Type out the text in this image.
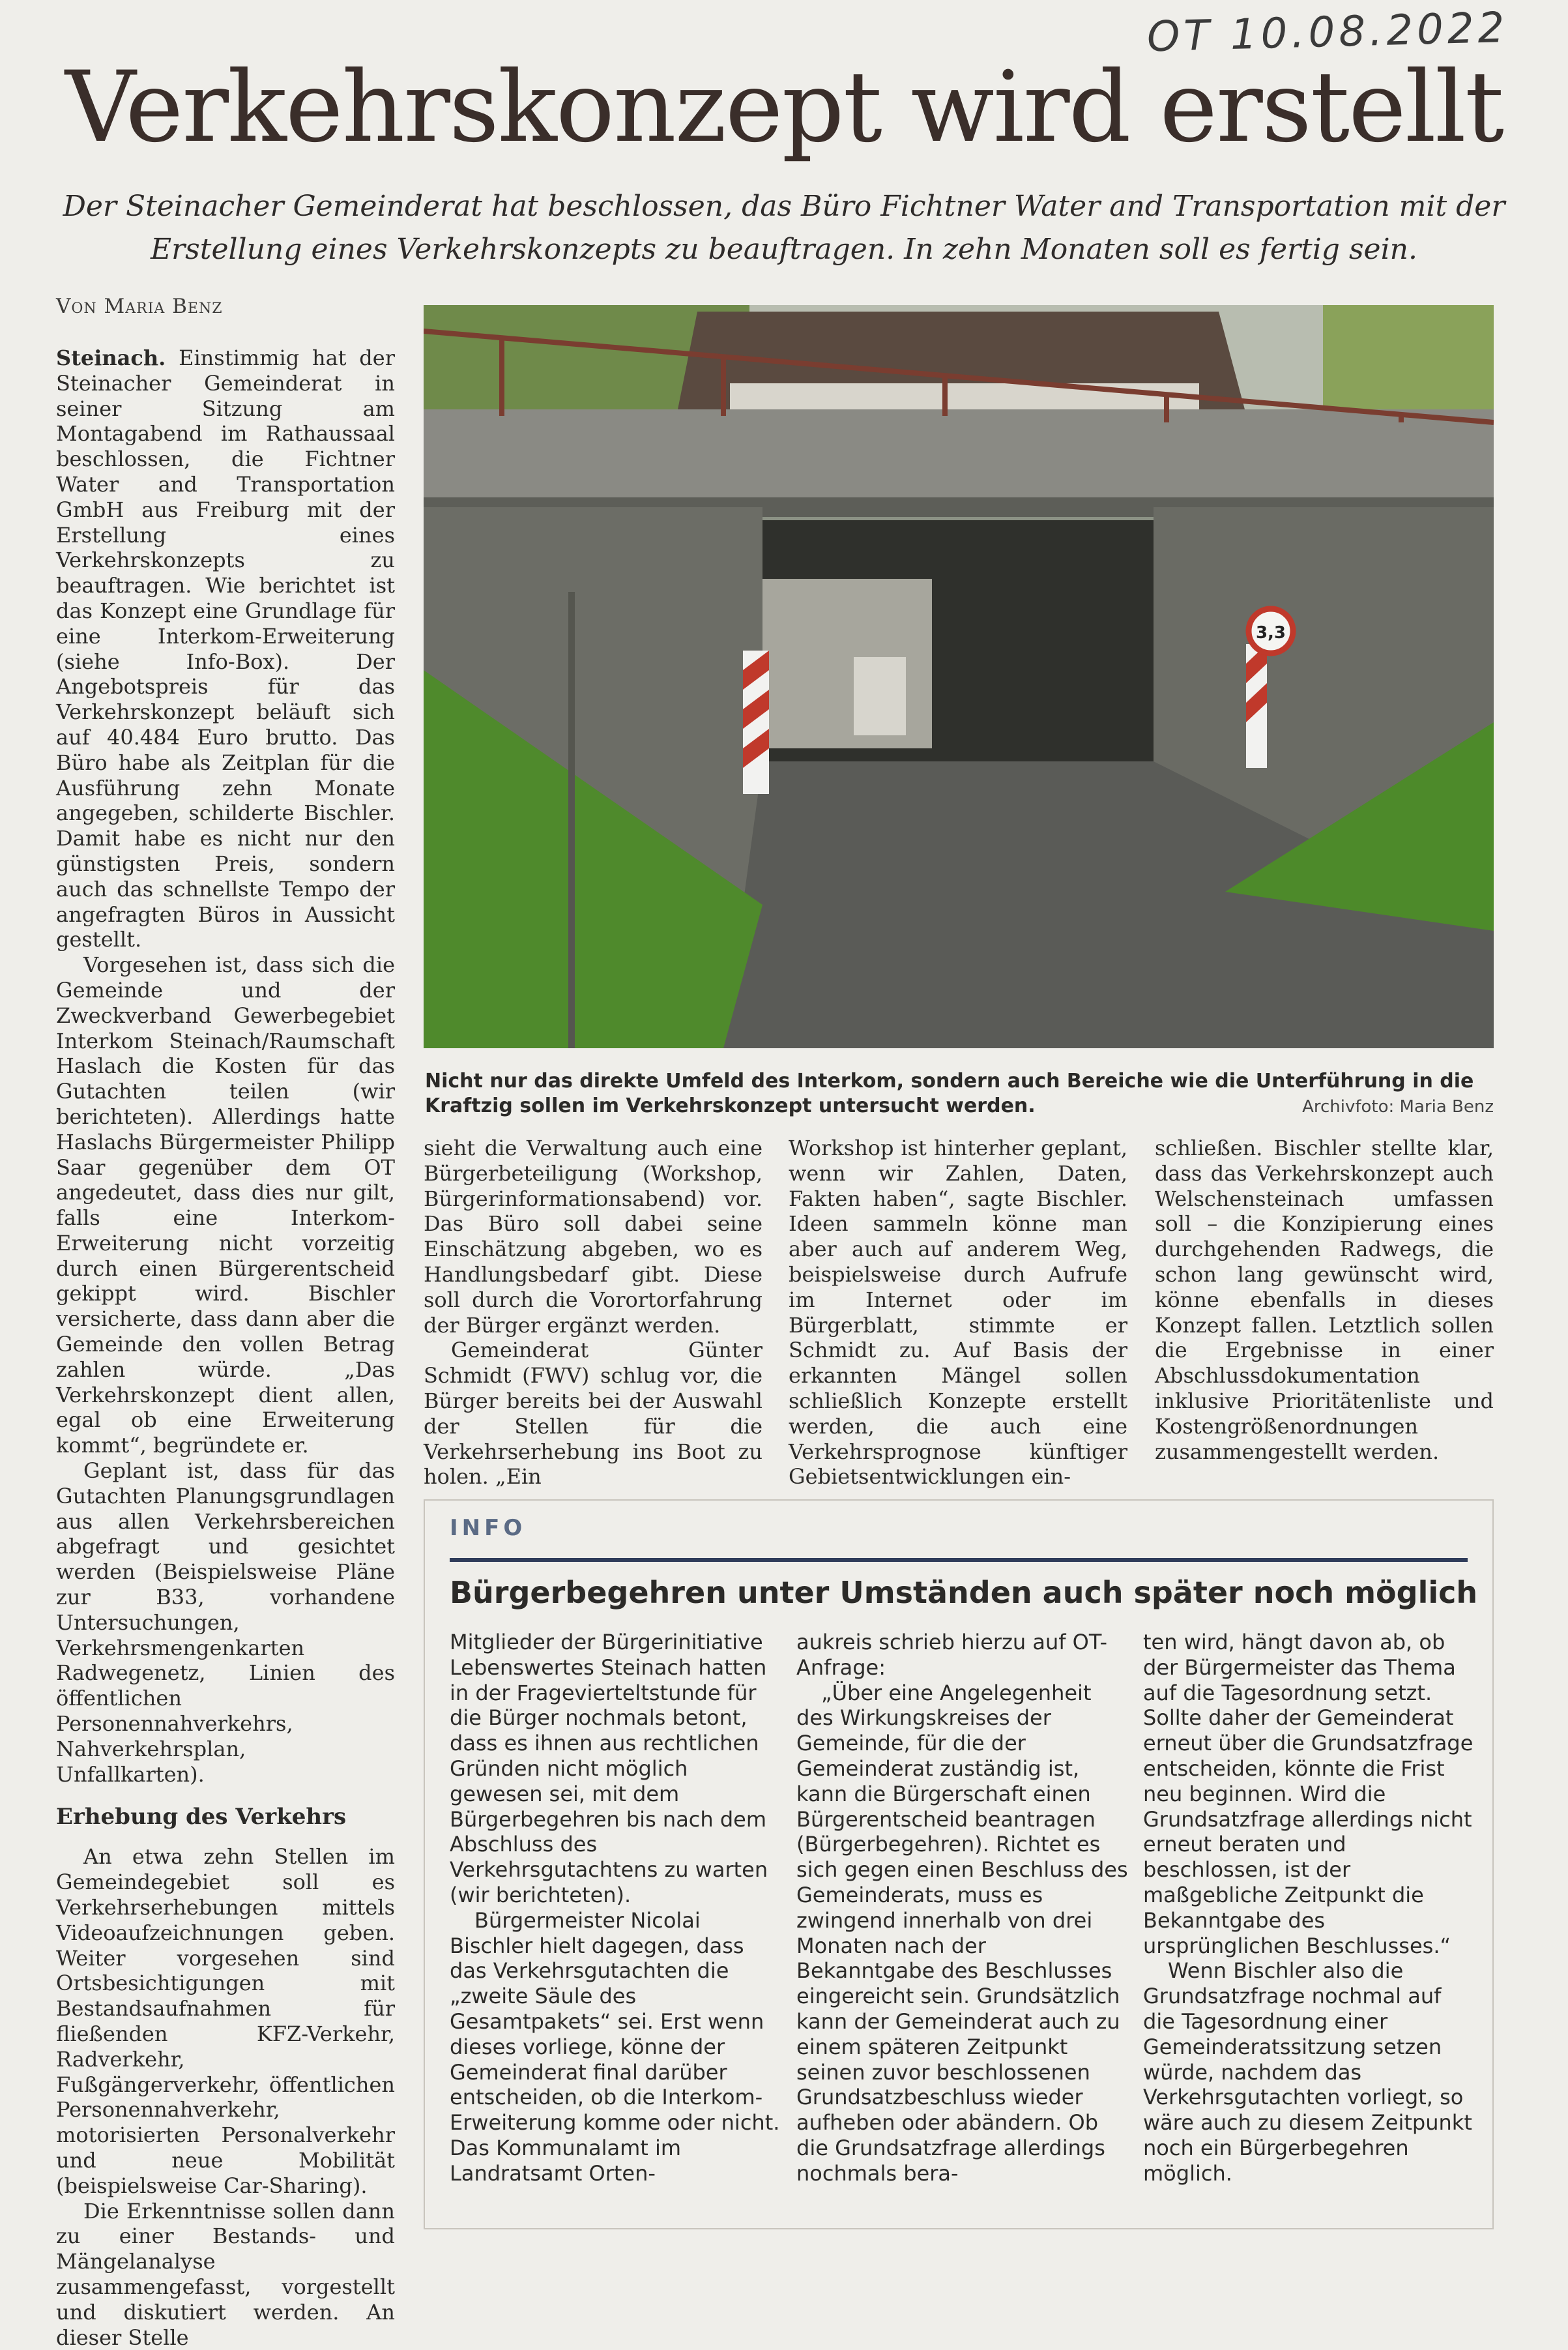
OT 10.08.2022
Verkehrskonzept wird erstellt
Der Steinacher Gemeinderat hat beschlossen, das Büro Fichtner Water and Transportation mit der
Erstellung eines Verkehrskonzepts zu beauftragen. In zehn Monaten soll es fertig sein.
Von Maria Benz

Steinach. Einstimmig hat der Steinacher Gemeinderat in seiner Sitzung am Montagabend im Rathaussaal beschlossen, die Fichtner Water and Transportation GmbH aus Freiburg mit der Erstellung eines Verkehrskonzepts zu beauftragen. Wie berichtet ist das Konzept eine Grundlage für eine Interkom-Erweiterung (siehe Info-Box). Der Angebotspreis für das Verkehrskonzept beläuft sich auf 40.484 Euro brutto. Das Büro habe als Zeitplan für die Ausführung zehn Monate angegeben, schilderte Bischler. Damit habe es nicht nur den günstigsten Preis, sondern auch das schnellste Tempo der angefragten Büros in Aussicht gestellt.

Vorgesehen ist, dass sich die Gemeinde und der Zweckverband Gewerbegebiet Interkom Steinach/Raumschaft Haslach die Kosten für das Gutachten teilen (wir berichteten). Allerdings hatte Haslachs Bürgermeister Philipp Saar gegenüber dem OT angedeutet, dass dies nur gilt, falls eine Interkom-Erweiterung nicht vorzeitig durch einen Bürgerentscheid gekippt wird. Bischler versicherte, dass dann aber die Gemeinde den vollen Betrag zahlen würde. „Das Verkehrskonzept dient allen, egal ob eine Erweiterung kommt“, begründete er.

Geplant ist, dass für das Gutachten Planungsgrundlagen aus allen Verkehrsbereichen abgefragt und gesichtet werden (Beispielsweise Pläne zur B33, vorhandene Untersuchungen, Verkehrsmengenkarten Radwegenetz, Linien des öffentlichen Personennahverkehrs, Nahverkehrsplan, Unfallkarten).

Erhebung des Verkehrs

An etwa zehn Stellen im Gemeindegebiet soll es Verkehrserhebungen mittels Videoaufzeichnungen geben. Weiter vorgesehen sind Ortsbesichtigungen mit Bestandsaufnahmen für fließenden KFZ-Verkehr, Radverkehr, Fußgängerverkehr, öffentlichen Personennahverkehr, motorisierten Personalverkehr und neue Mobilität (beispielsweise Car-Sharing).

Die Erkenntnisse sollen dann zu einer Bestands- und Mängelanalyse zusammengefasst, vorgestellt und diskutiert werden. An dieser Stelle

3,3
Nicht nur das direkte Umfeld des Interkom, sondern auch Bereiche wie die Unterführung in die Kraftzig sollen im Verkehrskonzept untersucht werden.	Archivfoto: Maria Benz

sieht die Verwaltung auch eine Bürgerbeteiligung (Workshop, Bürgerinformationsabend) vor. Das Büro soll dabei seine Einschätzung abgeben, wo es Handlungsbedarf gibt. Diese soll durch die Vorortorfahrung der Bürger ergänzt werden.

Gemeinderat Günter Schmidt (FWV) schlug vor, die Bürger bereits bei der Auswahl der Stellen für die Verkehrserhebung ins Boot zu holen. „Ein

Workshop ist hinterher geplant, wenn wir Zahlen, Daten, Fakten haben“, sagte Bischler. Ideen sammeln könne man aber auch auf anderem Weg, beispielsweise durch Aufrufe im Internet oder im Bürgerblatt, stimmte er Schmidt zu. Auf Basis der erkannten Mängel sollen schließlich Konzepte erstellt werden, die auch eine Verkehrsprognose künftiger Gebietsentwicklungen ein-

schließen. Bischler stellte klar, dass das Verkehrskonzept auch Welschensteinach umfassen soll – die Konzipierung eines durchgehenden Radwegs, die schon lang gewünscht wird, könne ebenfalls in dieses Konzept fallen. Letztlich sollen die Ergebnisse in einer Abschlussdokumentation inklusive Prioritätenliste und Kostengrößenordnungen zusammengestellt werden.

INFO
Bürgerbegehren unter Umständen auch später noch möglich

Mitglieder der Bürgerinitiative Lebenswertes Steinach hatten in der Fragevierteltstunde für die Bürger nochmals betont, dass es ihnen aus rechtlichen Gründen nicht möglich gewesen sei, mit dem Bürgerbegehren bis nach dem Abschluss des Verkehrsgutachtens zu warten (wir berichteten).

Bürgermeister Nicolai Bischler hielt dagegen, dass das Verkehrsgutachten die „zweite Säule des Gesamtpakets“ sei. Erst wenn dieses vorliege, könne der Gemeinderat final darüber entscheiden, ob die Interkom-Erweiterung komme oder nicht. Das Kommunalamt im Landratsamt Orten-

aukreis schrieb hierzu auf OT-Anfrage:

„Über eine Angelegenheit des Wirkungskreises der Gemeinde, für die der Gemeinderat zuständig ist, kann die Bürgerschaft einen Bürgerentscheid beantragen (Bürgerbegehren). Richtet es sich gegen einen Beschluss des Gemeinderats, muss es zwingend innerhalb von drei Monaten nach der Bekanntgabe des Beschlusses eingereicht sein. Grundsätzlich kann der Gemeinderat auch zu einem späteren Zeitpunkt seinen zuvor beschlossenen Grundsatzbeschluss wieder aufheben oder abändern. Ob die Grundsatzfrage allerdings nochmals bera-

ten wird, hängt davon ab, ob der Bürgermeister das Thema auf die Tagesordnung setzt. Sollte daher der Gemeinderat erneut über die Grundsatzfrage entscheiden, könnte die Frist neu beginnen. Wird die Grundsatzfrage allerdings nicht erneut beraten und beschlossen, ist der maßgebliche Zeitpunkt die Bekanntgabe des ursprünglichen Beschlusses.“

Wenn Bischler also die Grundsatzfrage nochmal auf die Tagesordnung einer Gemeinderatssitzung setzen würde, nachdem das Verkehrsgutachten vorliegt, so wäre auch zu diesem Zeitpunkt noch ein Bürgerbegehren möglich.
